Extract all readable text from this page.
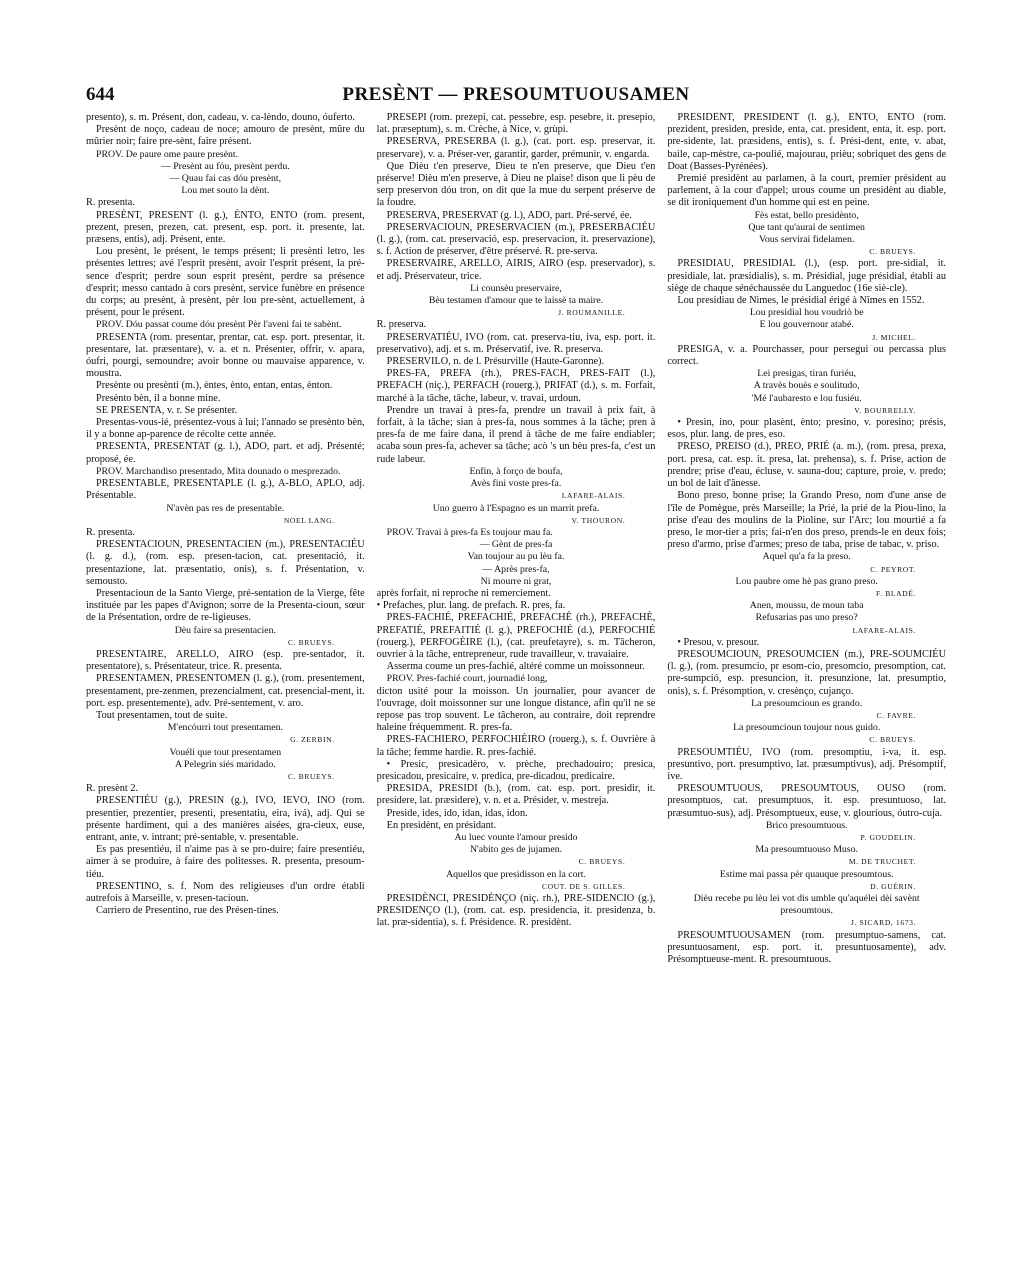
644	PRESÈNT — PRESOUMTUOUSAMEN

presento), s. m. Présent, don, cadeau, v. ca-lèndo, douno, óuferto.

Presènt de noço, cadeau de noce; amouro de presènt, mûre du mûrier noir; faire pre-sènt, faire présent.

PROV. De paure ome paure presènt.

— Presènt au fóu, presènt perdu.

— Quau fai cas dóu presènt,

Lou met souto la dènt.

R. presenta.

PRESÈNT, PRESENT (l. g.), ÈNTO, ENTO (rom. present, prezent, presen, prezen, cat. present, esp. port. it. presente, lat. præsens, entis), adj. Présent, ente.

Lou presènt, le présent, le temps présent; li presènti letro, les présentes lettres; avé l'esprit presènt, avoir l'esprit présent, la pré-sence d'esprit; perdre soun esprit presènt, perdre sa présence d'esprit; messo cantado à cors presènt, service funèbre en présence du corps; au presènt, à presènt, pèr lou pre-sènt, actuellement, à présent, pour le présent.

PROV. Dóu passat coume dóu presènt Pèr l'aveni fai te sabènt.

PRESENTA (rom. presentar, prentar, cat. esp. port. presentar, it. presentare, lat. præsentare), v. a. et n. Présenter, offrir, v. apara, óufri, pourgi, semoundre; avoir bonne ou mauvaise apparence, v. moustra.

Presènte ou presènti (m.), èntes, ènto, entan, entas, ènton.

Presènto bèn, il a bonne mine.

SE PRESENTA, v. r. Se présenter.

Presentas-vous-ié, présentez-vous à lui; l'annado se presènto bèn, il y a bonne ap-parence de récolte cette année.

PRESENTA, PRESENTAT (g. l.), ADO, part. et adj. Présenté; proposé, ée.

PROV. Marchandiso presentado, Mita dounado o mesprezado.

PRESENTABLE, PRESENTAPLE (l. g.), A-BLO, APLO, adj. Présentable.

N'avèn pas res de presentable.

NOEL LANG.

R. presenta.

PRESENTACIOUN, PRESENTACIEN (m.), PRESENTACIÉU (l. g. d.), (rom. esp. presen-tacion, cat. presentació, it. presentazione, lat. præsentatio, onis), s. f. Présentation, v. semousto.

Presentacioun de la Santo Vierge, pré-sentation de la Vierge, fête instituée par les papes d'Avignon; sorre de la Presenta-cioun, sœur de la Présentation, ordre de re-ligieuses.

Dèu faire sa presentacien.

C. BRUEYS.

PRESENTAIRE, ARELLO, AIRO (esp. pre-sentador, it. presentatore), s. Présentateur, trice. R. presenta.

PRESENTAMEN, PRESENTOMEN (l. g.), (rom. presentement, presentament, pre-zenmen, prezencialment, cat. presencial-ment, it. port. esp. presentemente), adv. Pré-sentement, v. aro.

Tout presentamen, tout de suite.

M'encóurri tout presentamen.

G. ZERBIN.

Vouéli que tout presentamen

A Pelegrin siés maridado.

C. BRUEYS.

R. presènt 2.

PRESENTIÉU (g.), PRESIN (g.), IVO, IEVO, INO (rom. presentier, prezentier, presenti, presentatiu, eira, ivá), adj. Qui se présente hardiment, qui a des manières aisées, gra-cieux, euse, entrant, ante, v. intrant; pré-sentable, v. presentable.

Es pas presentiéu, il n'aime pas à se pro-duire; faire presentiéu, aimer à se produire, à faire des politesses. R. presenta, presoum-tiéu.

PRESENTINO, s. f. Nom des religieuses d'un ordre établi autrefois à Marseille, v. presen-tacioun.

Carriero de Presentino, rue des Présen-tines.

PRESÈPI (rom. prezepi, cat. pessebre, esp. pesebre, it. presepio, lat. præseptum), s. m. Crèche, à Nice, v. grùpi.

PRESERVA, PRESERBA (l. g.), (cat. port. esp. preservar, it. preservare), v. a. Préser-ver, garantir, garder, prémunir, v. engarda.

Que Dièu t'en preserve, Dieu te n'en preserve, que Dieu t'en préserve! Dièu m'en preserve, à Dieu ne plaise! dison que li pèu de serp preservon dóu tron, on dit que la mue du serpent préserve de la foudre.

PRESERVA, PRESERVAT (g. l.), ADO, part. Pré-servé, ée.

PRESERVACIOUN, PRESERVACIEN (m.), PRESERBACIÉU (l. g.), (rom. cat. preservació, esp. preservacion, it. preservazione), s. f. Action de préserver, d'être préservé. R. pre-serva.

PRESERVAIRE, ARELLO, AIRIS, AIRO (esp. preservador), s. et adj. Préservateur, trice.

Li counsèu preservaire,

Bèu testamen d'amour que te laissè ta maire.

J. ROUMANILLE.

R. preserva.

PRESERVATIÉU, IVO (rom. cat. preserva-tiu, iva, esp. port. it. preservativo), adj. et s. m. Préservatif, ive. R. preserva.

PRESERVILO, n. de l. Présurville (Haute-Garonne).

PRES-FA, PREFA (rh.), PRES-FACH, PRES-FAIT (l.), PREFACH (niç.), PERFACH (rouerg.), PRIFAT (d.), s. m. Forfait, marché à la tâche, tâche, labeur, v. travai, urdoun.

Prendre un travai à pres-fa, prendre un travail à prix fait, à forfait, à la tâche; sian à pres-fa, nous sommes à la tâche; pren à pres-fa de me faire dana, il prend à tâche de me faire endiabler; acaba soun pres-fa, achever sa tâche; acò 's un bèu pres-fa, c'est un rude labeur.

Enfin, à forço de boufa,

Avès fini voste pres-fa.

LAFARE-ALAIS.

Uno guerro à l'Espagno es un marrit prefa.

V. THOURON.

PROV. Travai à pres-fa Es toujour mau fa.

— Gènt de pres-fa

Van toujour au pu lèu fa.

— Après pres-fa,

Ni mourre ni grat,

après forfait, ni reproche ni remerciement.

• Prefaches, plur. lang. de prefach. R. pres, fa.

PRES-FACHIÉ, PREFACHIÉ, PREFACHÉ (rh.), PREFACHÈ, PREFATIÉ, PREFAITIÉ (l. g.), PREFOCHIÉ (d.), PERFOCHIÉ (rouerg.), PERFOGÈIRE (l.), (cat. preufetayre), s. m. Tâcheron, ouvrier à la tâche, entrepreneur, rude travailleur, v. travaiaire.

Asserma coume un pres-fachié, altéré comme un moissonneur.

PROV. Pres-fachié court, journadié long,

dicton usité pour la moisson. Un journalier, pour avancer de l'ouvrage, doit moissonner sur une longue distance, afin qu'il ne se repose pas trop souvent. Le tâcheron, au contraire, doit reprendre haleine fréquemment. R. pres-fa.

PRES-FACHIERO, PERFOCHIÈIRO (rouerg.), s. f. Ouvrière à la tâche; femme hardie. R. pres-fachié.

• Presic, presicadèro, v. prèche, prechadouiro; presica, presicadou, presicaire, v. predica, pre-dicadou, predicaire.

PRESIDA, PRESIDI (b.), (rom. cat. esp. port. presidir, it. presidere, lat. præsidere), v. n. et a. Présider, v. mestreja.

Preside, ides, ido, idan, idas, idon.

En presidènt, en présidant.

Au luec vounte l'amour presido

N'abito ges de jujamen.

C. BRUEYS.

Aquellos que presidisson en la cort.

COUT. DE S. GILLES.

PRESIDÈNCI, PRESIDÈNÇO (niç. rh.), PRE-SIDENCIO (g.), PRESIDENÇO (l.), (rom. cat. esp. presidencia, it. presidenza, b. lat. præ-sidentia), s. f. Présidence. R. presidènt.

PRESIDÈNT, PRESIDENT (l. g.), ÈNTO, ENTO (rom. prezident, presiden, preside, enta, cat. president, enta, it. esp. port. pre-sidente, lat. præsidens, entis), s. f. Prési-dent, ente, v. abat, baile, cap-mèstre, ca-poulié, majourau, prièu; sobriquet des gens de Doat (Basses-Pyrénées).

Premié presidènt au parlamen, à la court, premier président au parlement, à la cour d'appel; urous coume un presidènt au diable, se dit ironiquement d'un homme qui est en peine.

Fès estat, bello presidènto,

Que tant qu'aurai de sentimen

Vous servirai fidelamen.

C. BRUEYS.

PRESIDIAU, PRESIDIAL (l.), (esp. port. pre-sidial, it. presidiale, lat. præsidialis), s. m. Présidial, juge présidial, établi au siège de chaque sénéchaussée du Languedoc (16e siè-cle).

Lou presidiau de Nimes, le présidial érigé à Nîmes en 1552.

Lou presidial hou voudriò be

E lou gouvernour atabé.

J. MICHEL.

PRESIGA, v. a. Pourchasser, pour persegui ou percassa plus correct.

Lei presigas, tiran furiéu,

A travès bouès e soulitudo,

'Mé l'aubaresto e lou fusiéu.

V. BOURRELLY.

• Presin, ino, pour plasènt, ènto; presino, v. poresino; présis, esos, plur. lang. de pres, eso.

PRESO, PREISO (d.), PREO, PRIÉ (a. m.), (rom. presa, prexa, port. presa, cat. esp. it. presa, lat. prehensa), s. f. Prise, action de prendre; prise d'eau, écluse, v. sauna-dou; capture, proie, v. predo; un bol de lait d'ânesse.

Bono preso, bonne prise; la Grando Preso, nom d'une anse de l'île de Pomègue, près Marseille; la Prié, la prié de la Piou-lino, la prise d'eau des moulins de la Pioline, sur l'Arc; lou mourtié a fa preso, le mor-tier a pris; fai-n'en dos preso, prends-le en deux fois; preso d'armo, prise d'armes; preso de taba, prise de tabac, v. priso.

Aquel qu'a fa la preso.

C. PEYROT.

Lou paubre ome hè pas grano preso.

F. BLADÉ.

Anen, moussu, de moun taba

Refusarias pas uno preso?

LAFARE-ALAIS.

• Presou, v. presour.

PRESOUMCIOUN, PRESOUMCIEN (m.), PRE-SOUMCIÉU (l. g.), (rom. presumcio, pr esom-cio, presomcio, presomption, cat. pre-sumpció, esp. presuncion, it. presunzione, lat. presumptio, onis), s. f. Présomption, v. cresènço, cujanço.

La presoumcioun es grando.

C. FAVRE.

La presoumcioun toujour nous guido.

C. BRUEYS.

PRESOUMTIÉU, IVO (rom. presomptiu, i-va, it. esp. presuntivo, port. presumptivo, lat. præsumptivus), adj. Présomptif, ive.

PRESOUMTUOUS, PRESOUMTOUS, OUSO (rom. presomptuos, cat. presumptuos, it. esp. presuntuoso, lat. præsumtuo-sus), adj. Présomptueux, euse, v. glourious, óutro-cuja.

Brico presoumtuous.

P. GOUDELIN.

Ma presoumtuouso Muso.

M. DE TRUCHET.

Estime mai passa pèr quauque presoumtous.

D. GUÉRIN.

Dièu recebe pu lèu lei vot dis umble qu'aquélei dèi savènt presoumtous.

J. SICARD, 1673.

PRESOUMTUOUSAMEN (rom. presumptuo-samens, cat. presuntuosament, esp. port. it. presuntuosamente), adv. Présomptueuse-ment. R. presoumtuous.
